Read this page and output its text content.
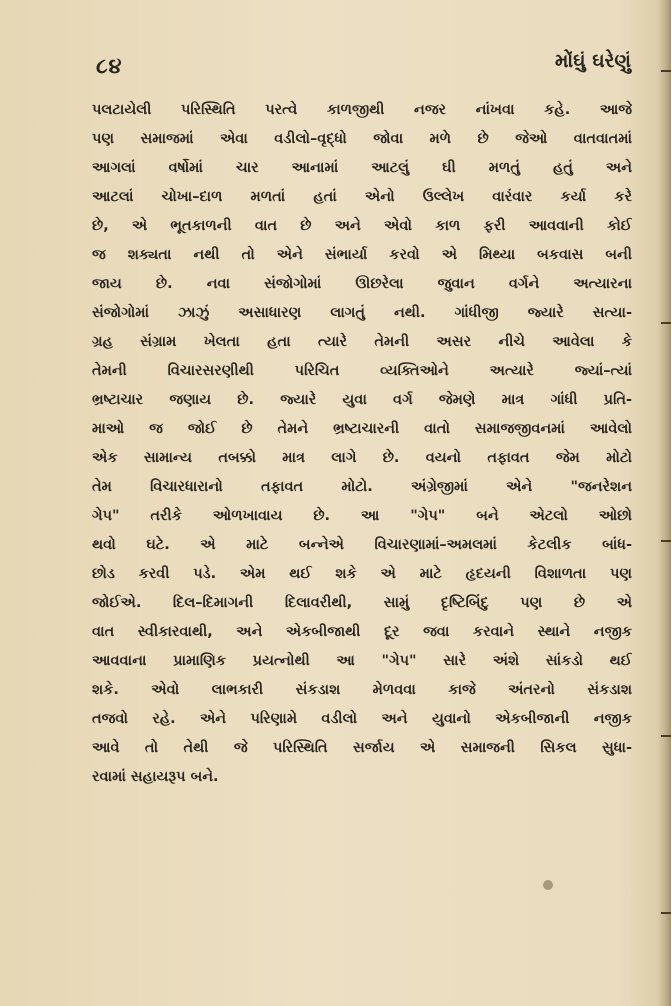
૮૪	મોંઘું ઘરેણું
પલટાયેલી પરિસ્થિતિ પરત્વે કાળજીથી નજર નાંખવા કહે. આજે
પણ સમાજમાં એવા વડીલો–વૃદ્ધો જોવા મળે છે જેઓ વાતવાતમાં
આગલાં વર્ષોમાં ચાર આનામાં આટલું ઘી મળતું હતું અને
આટલાં ચોખા–દાળ મળતાં હતાં એનો ઉલ્લેખ વારંવાર કર્યા કરે
છે, એ ભૂતકાળની વાત છે અને એવો કાળ ફરી આવવાની કોઈ
જ શક્યતા નથી તો એને સંભાર્યા કરવો એ મિથ્યા બકવાસ બની
જાય છે. નવા સંજોગોમાં ઊછરેલા જુવાન વર્ગને અત્યારના
સંજોગોમાં ઝાઝું અસાધારણ લાગતું નથી. ગાંધીજી જ્યારે સત્યા-
ગ્રહ સંગ્રામ ખેલતા હતા ત્યારે તેમની અસર નીચે આવેલા કે
તેમની વિચારસરણીથી પરિચિત વ્યક્તિઓને અત્યારે જ્યાં–ત્યાં
ભ્રષ્ટાચાર જણાય છે. જ્યારે યુવા વર્ગ જેમણે માત્ર ગાંધી પ્રતિ-
માઓ જ જોઈ છે તેમને ભ્રષ્ટાચારની વાતો સમાજજીવનમાં આવેલો
એક સામાન્ય તબક્કો માત્ર લાગે છે. વયનો તફાવત જેમ મોટો
તેમ વિચારધારાનો તફાવત મોટો. અંગ્રેજીમાં એને "જનરેશન
ગેપ" તરીકે ઓળખાવાય છે. આ "ગેપ" બને એટલો ઓછો
થવો ઘટે. એ માટે બન્નેએ વિચારણામાં–અમલમાં કેટલીક બાંધ-
છોડ કરવી પડે. એમ થઈ શકે એ માટે હૃદયની વિશાળતા પણ
જોઈએ. દિલ–દિમાગની દિલાવરીથી, સામું દૃષ્ટિબિંદુ પણ છે એ
વાત સ્વીકારવાથી, અને એકબીજાથી દૂર જવા કરવાને સ્થાને નજીક
આવવાના પ્રામાણિક પ્રયત્નોથી આ "ગેપ" સારે અંશે સાંકડો થઈ
શકે. એવો લાભકારી સંકડાશ મેળવવા કાજે અંતરનો સંકડાશ
તજવો રહે. એને પરિણામે વડીલો અને યુવાનો એકબીજાની નજીક
આવે તો તેથી જે પરિસ્થિતિ સર્જાય એ સમાજની સિકલ સુધા-
રવામાં સહાયરૂપ બને.
